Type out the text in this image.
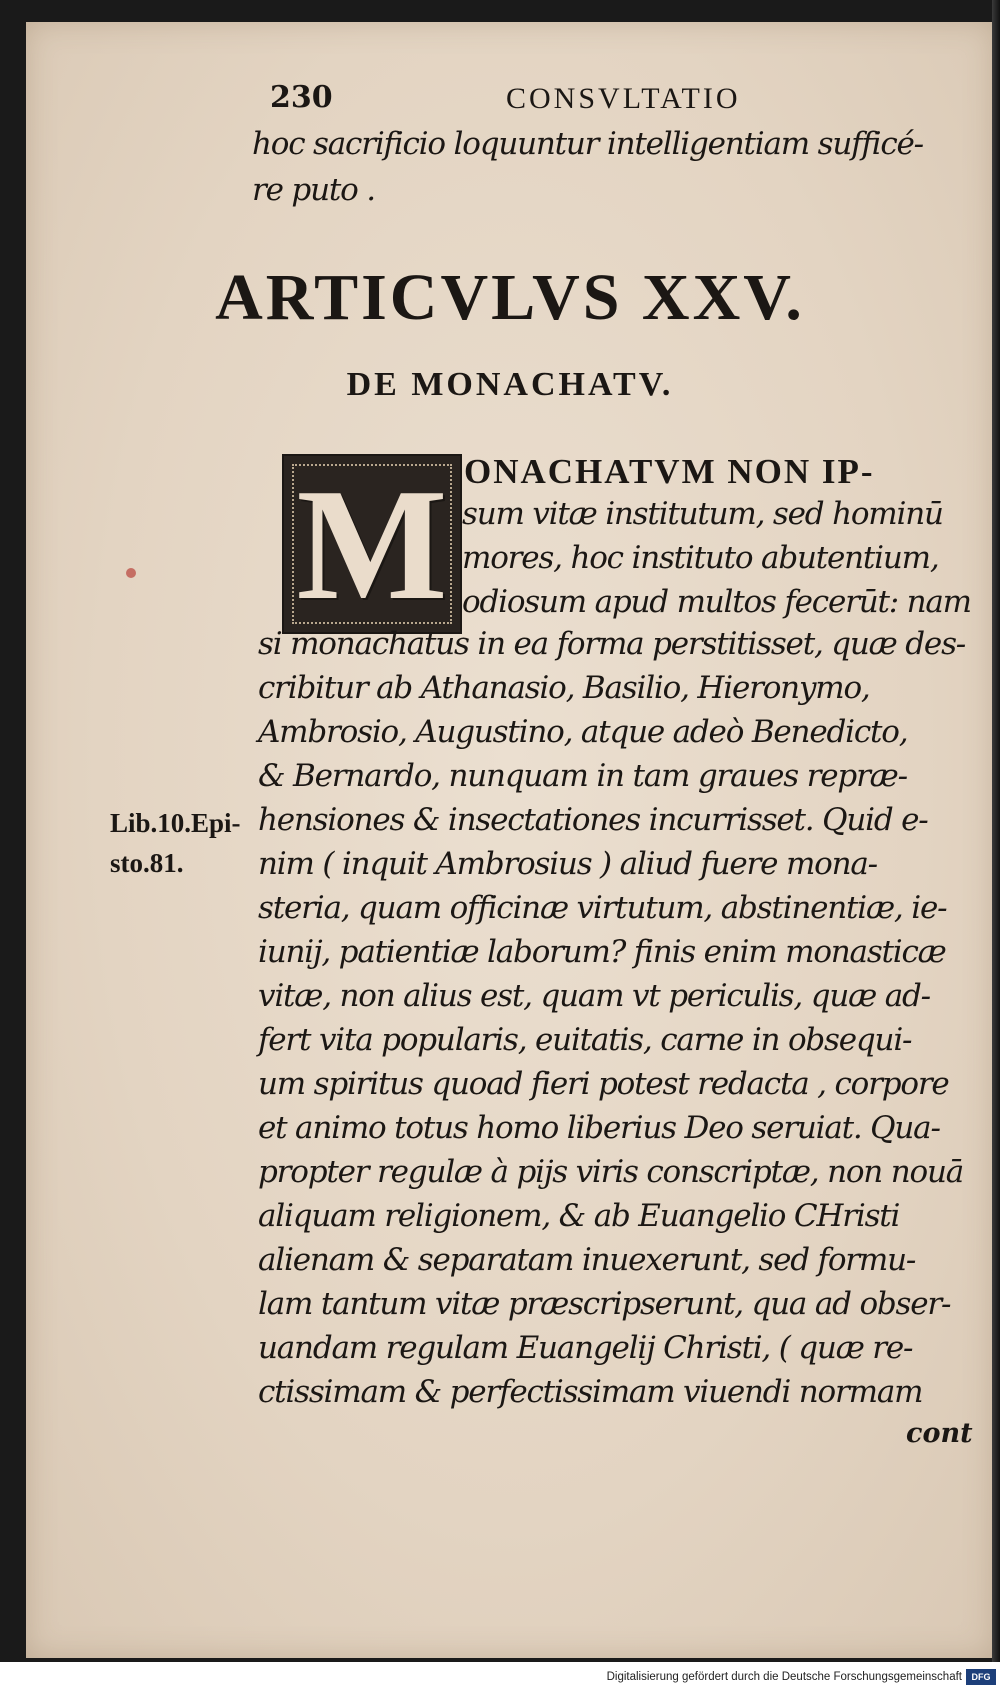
230	CONSVLTATIO
hoc sacrificio loquuntur intelligentiam sufficé-
re puto .
ARTICVLVS XXV.
DE MONACHATV.
M ONACHATVM NON IP-
sum vitæ institutum, sed hominū
mores, hoc instituto abutentium,
odiosum apud multos fecerūt: nam
si monachatus in ea forma perstitisset, quæ des-
cribitur ab Athanasio, Basilio, Hieronymo,
Ambrosio, Augustino, atque adeò Benedicto,
& Bernardo, nunquam in tam graues repræ-
hensiones & insectationes incurrisset. Quid e-
nim ( inquit Ambrosius ) aliud fuere mona-
steria, quam officinæ virtutum, abstinentiæ, ie-
iunij, patientiæ laborum? finis enim monasticæ
vitæ, non alius est, quam vt periculis, quæ ad-
fert vita popularis, euitatis, carne in obsequi-
um spiritus quoad fieri potest redacta , corpore
et animo totus homo liberius Deo seruiat. Qua-
propter regulæ à pijs viris conscriptæ, non nouā
aliquam religionem, & ab Euangelio CHristi
alienam & separatam inuexerunt, sed formu-
lam tantum vitæ præscripserunt, qua ad obser-
uandam regulam Euangelij Christi, ( quæ re-
ctissimam & perfectissimam viuendi normam
Lib.10.Epi-
sto.81.
cont
Digitalisierung gefördert durch die Deutsche Forschungsgemeinschaft	DFG
